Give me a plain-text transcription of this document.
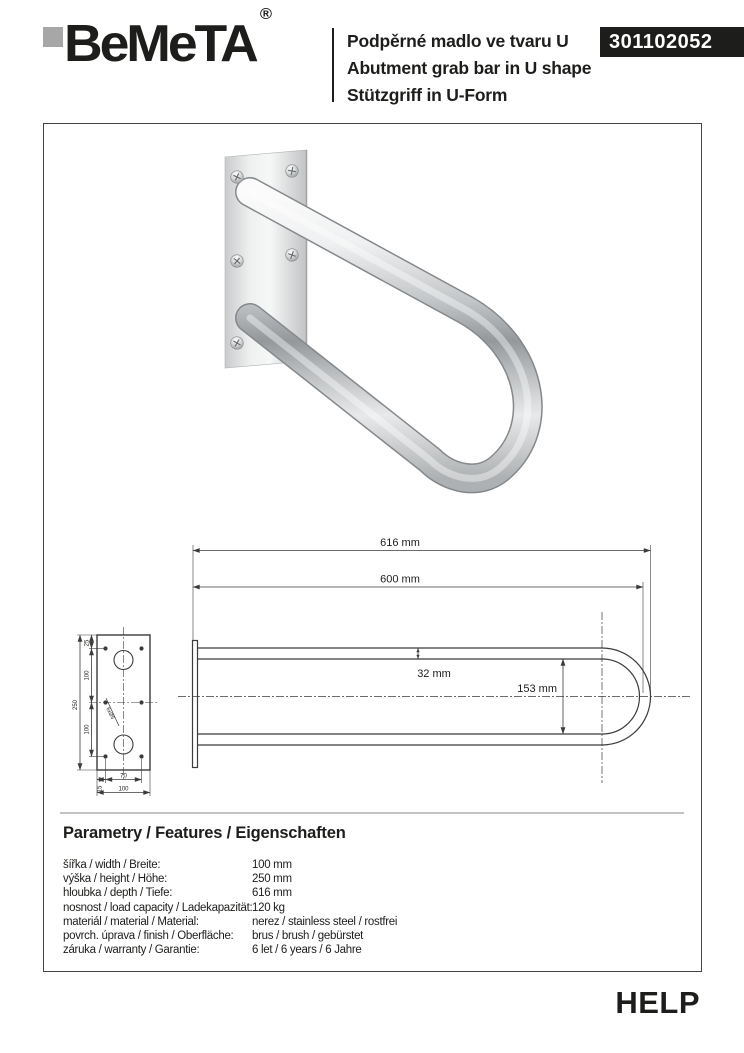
BeMeTA®
Podpěrné madlo ve tvaru U
Abutment grab bar in U shape
Stützgriff in U-Form
301102052
250
25
100
100
15
70
100
6xØ5
616 mm
600 mm
32 mm
153 mm
Parametry / Features / Eigenschaften
šířka / width / Breite:	100 mm
výška / height / Höhe:	250 mm
hloubka / depth / Tiefe:	616 mm
nosnost / load capacity / Ladekapazität: 120 kg
materiál / material / Material:	nerez / stainless steel / rostfrei
povrch. úprava / finish / Oberfläche: brus / brush / gebürstet
záruka / warranty / Garantie:	6 let / 6 years / 6 Jahre
HELP
